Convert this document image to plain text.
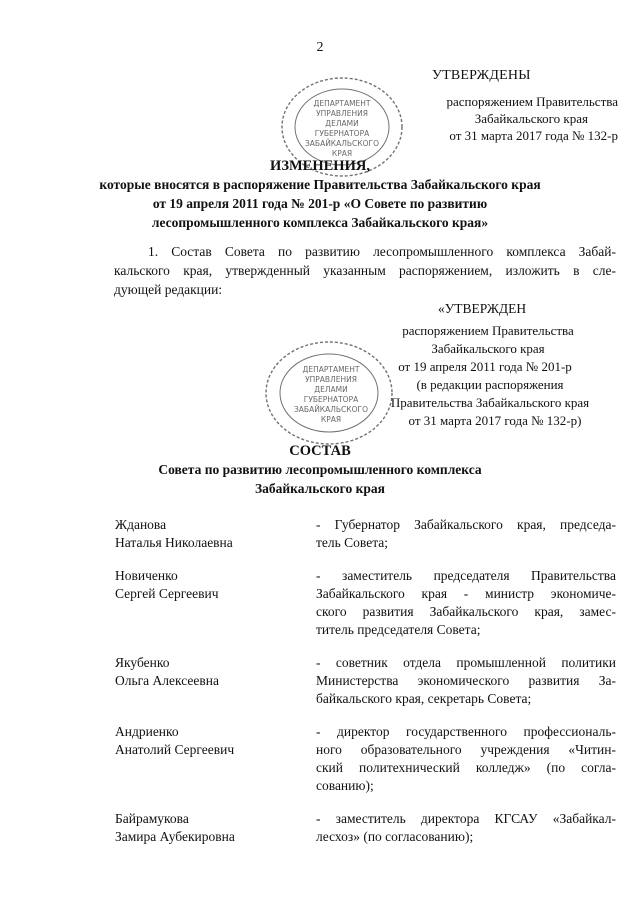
2
ДЕПАРТАМЕНТ
УПРАВЛЕНИЯ
ДЕЛАМИ
ГУБЕРНАТОРА
ЗАБАЙКАЛЬСКОГО
КРАЯ
УТВЕРЖДЕНЫ
распоряжением Правительства
Забайкальского края
от 31 марта 2017 года № 132-р
ИЗМЕНЕНИЯ,
которые вносятся в распоряжение Правительства Забайкальского края
от 19 апреля 2011 года № 201-р «О Совете по развитию
лесопромышленного комплекса Забайкальского края»
1. Состав Совета по развитию лесопромышленного комплекса Забай-
кальского края, утвержденный указанным распоряжением, изложить в сле-
дующей редакции:
«УТВЕРЖДЕН
ДЕПАРТАМЕНТ
УПРАВЛЕНИЯ
ДЕЛАМИ
ГУБЕРНАТОРА
ЗАБАЙКАЛЬСКОГО
КРАЯ
распоряжением Правительства
Забайкальского края
от 19 апреля 2011 года № 201-р
(в редакции распоряжения
Правительства Забайкальского края
от 31 марта 2017 года № 132-р)
СОСТАВ
Совета по развитию лесопромышленного комплекса
Забайкальского края
Жданова
Наталья Николаевна
- Губернатор Забайкальского края, председа-
тель Совета;
Новиченко
Сергей Сергеевич
- заместитель председателя Правительства
Забайкальского края - министр экономиче-
ского развития Забайкальского края, замес-
титель председателя Совета;
Якубенко
Ольга Алексеевна
- советник отдела промышленной политики
Министерства экономического развития За-
байкальского края, секретарь Совета;
Андриенко
Анатолий Сергеевич
- директор государственного профессиональ-
ного образовательного учреждения «Читин-
ский политехнический колледж» (по согла-
сованию);
Байрамукова
Замира Аубекировна
- заместитель директора КГСАУ «Забайкал-
лесхоз» (по согласованию);
